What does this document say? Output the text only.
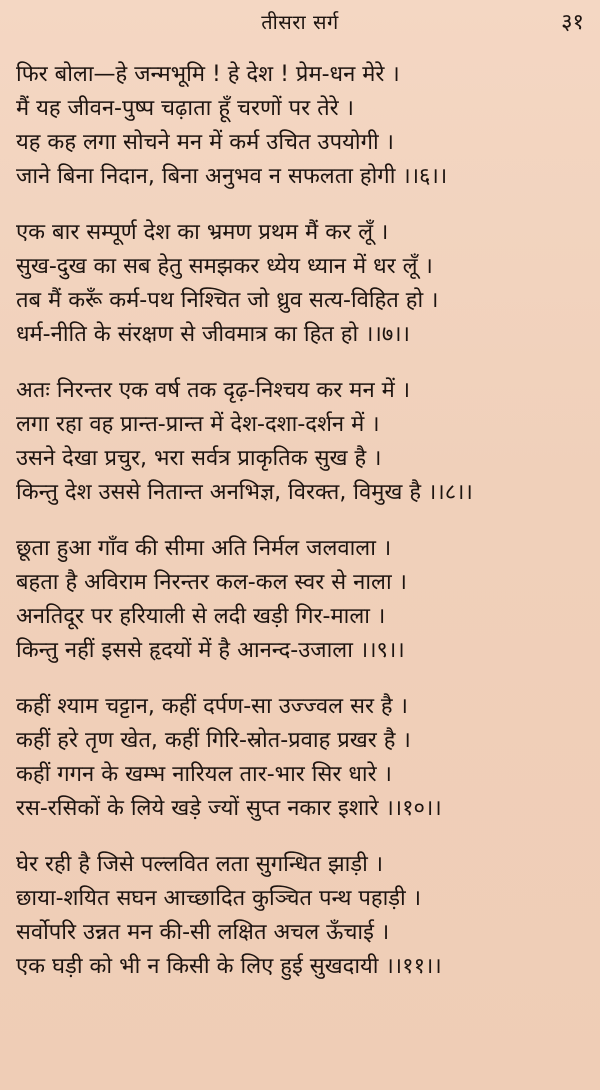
तीसरा सर्ग	३१
फिर बोला—हे जन्मभूमि ! हे देश ! प्रेम-धन मेरे ।
मैं यह जीवन-पुष्प चढ़ाता हूँ चरणों पर तेरे ।
यह कह लगा सोचने मन में कर्म उचित उपयोगी ।
जाने बिना निदान, बिना अनुभव न सफलता होगी ।।६।।
एक बार सम्पूर्ण देश का भ्रमण प्रथम मैं कर लूँ ।
सुख-दुख का सब हेतु समझकर ध्येय ध्यान में धर लूँ ।
तब मैं करूँ कर्म-पथ निश्चित जो ध्रुव सत्य-विहित हो ।
धर्म-नीति के संरक्षण से जीवमात्र का हित हो ।।७।।
अतः निरन्तर एक वर्ष तक दृढ़-निश्चय कर मन में ।
लगा रहा वह प्रान्त-प्रान्त में देश-दशा-दर्शन में ।
उसने देखा प्रचुर, भरा सर्वत्र प्राकृतिक सुख है ।
किन्तु देश उससे नितान्त अनभिज्ञ, विरक्त, विमुख है ।।८।।
छूता हुआ गाँव की सीमा अति निर्मल जलवाला ।
बहता है अविराम निरन्तर कल-कल स्वर से नाला ।
अनतिदूर पर हरियाली से लदी खड़ी गिर-माला ।
किन्तु नहीं इससे हृदयों में है आनन्द-उजाला ।।९।।
कहीं श्याम चट्टान, कहीं दर्पण-सा उज्ज्वल सर है ।
कहीं हरे तृण खेत, कहीं गिरि-स्रोत-प्रवाह प्रखर है ।
कहीं गगन के खम्भ नारियल तार-भार सिर धारे ।
रस-रसिकों के लिये खड़े ज्यों सुप्त नकार इशारे ।।१०।।
घेर रही है जिसे पल्लवित लता सुगन्धित झाड़ी ।
छाया-शयित सघन आच्छादित कुञ्चित पन्थ पहाड़ी ।
सर्वोपरि उन्नत मन की-सी लक्षित अचल ऊँचाई ।
एक घड़ी को भी न किसी के लिए हुई सुखदायी ।।११।।
